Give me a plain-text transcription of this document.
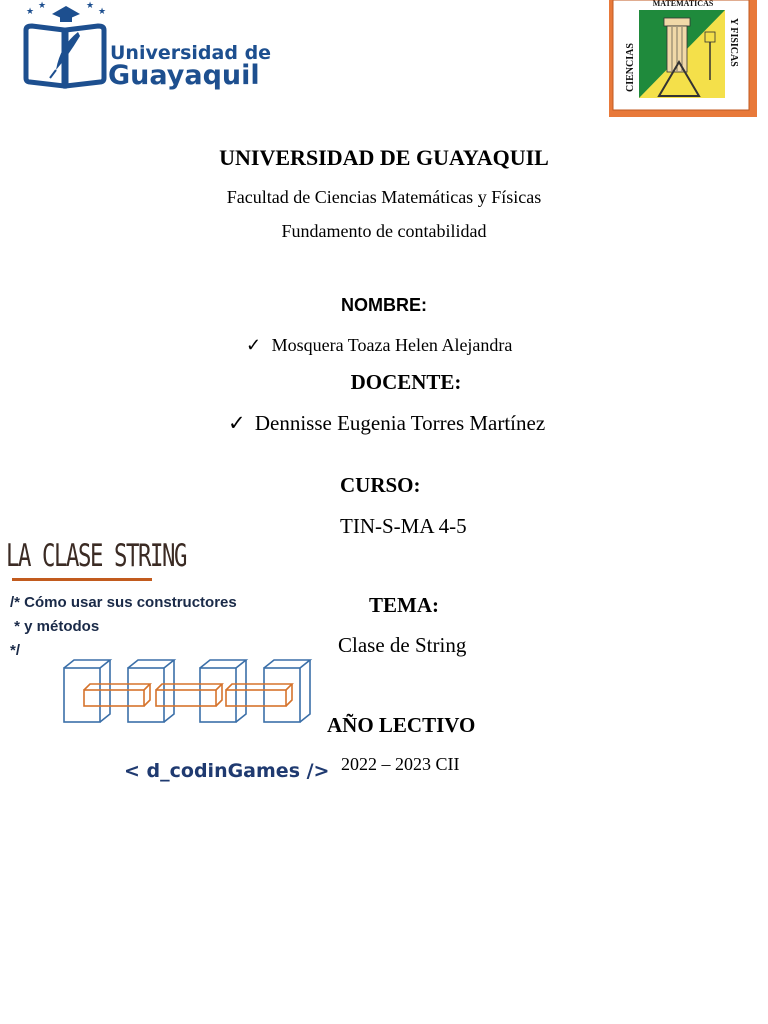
★
★	★
★
Universidad de
Guayaquil
MATEMATICAS
CIENCIAS
Y FISICAS
UNIVERSIDAD DE GUAYAQUIL
Facultad de Ciencias Matemáticas y Físicas
Fundamento de contabilidad
NOMBRE:
✓ Mosquera Toaza Helen Alejandra
DOCENTE:
✓ Dennisse Eugenia Torres Martínez
CURSO:
TIN-S-MA 4-5
LA CLASE STRING
/* Cómo usar sus constructores
* y métodos
*/
< d_codinGames />
TEMA:
Clase de String
AÑO LECTIVO
2022 – 2023 CII
